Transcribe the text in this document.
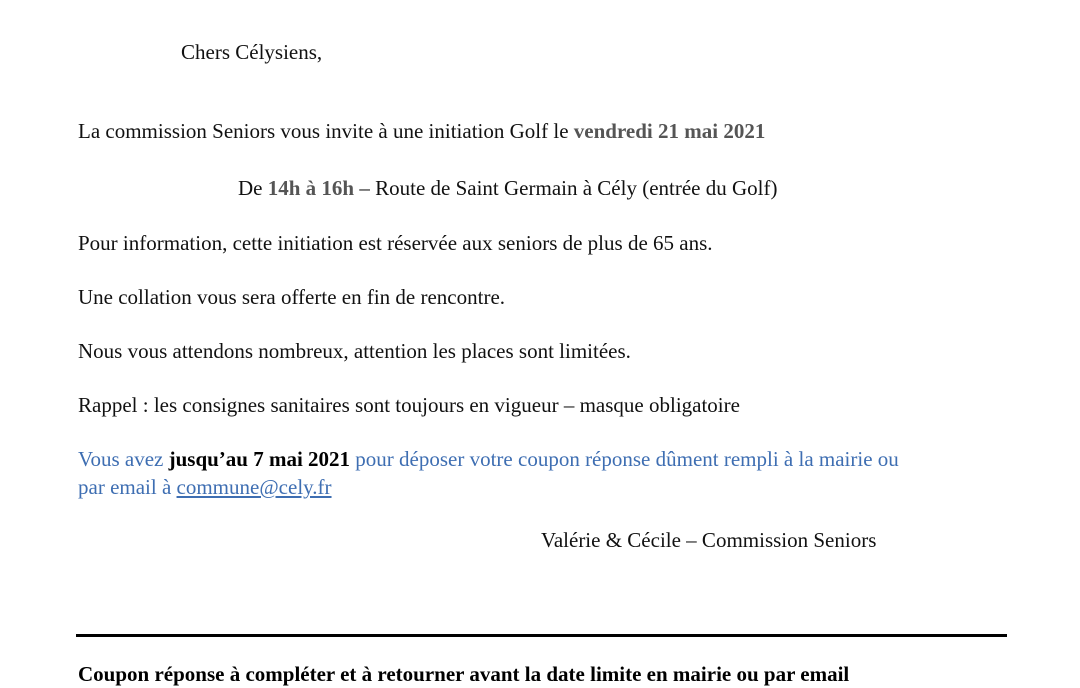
Chers Célysiens,
La commission Seniors vous invite à une initiation Golf le vendredi 21 mai 2021
De 14h à 16h – Route de Saint Germain à Cély (entrée du Golf)
Pour information, cette initiation est réservée aux seniors de plus de 65 ans.
Une collation vous sera offerte en fin de rencontre.
Nous vous attendons nombreux, attention les places sont limitées.
Rappel : les consignes sanitaires sont toujours en vigueur – masque obligatoire
Vous avez jusqu’au 7 mai 2021 pour déposer votre coupon réponse dûment rempli à la mairie ou
par email à commune@cely.fr
Valérie & Cécile – Commission Seniors
Coupon réponse à compléter et à retourner avant la date limite en mairie ou par email
